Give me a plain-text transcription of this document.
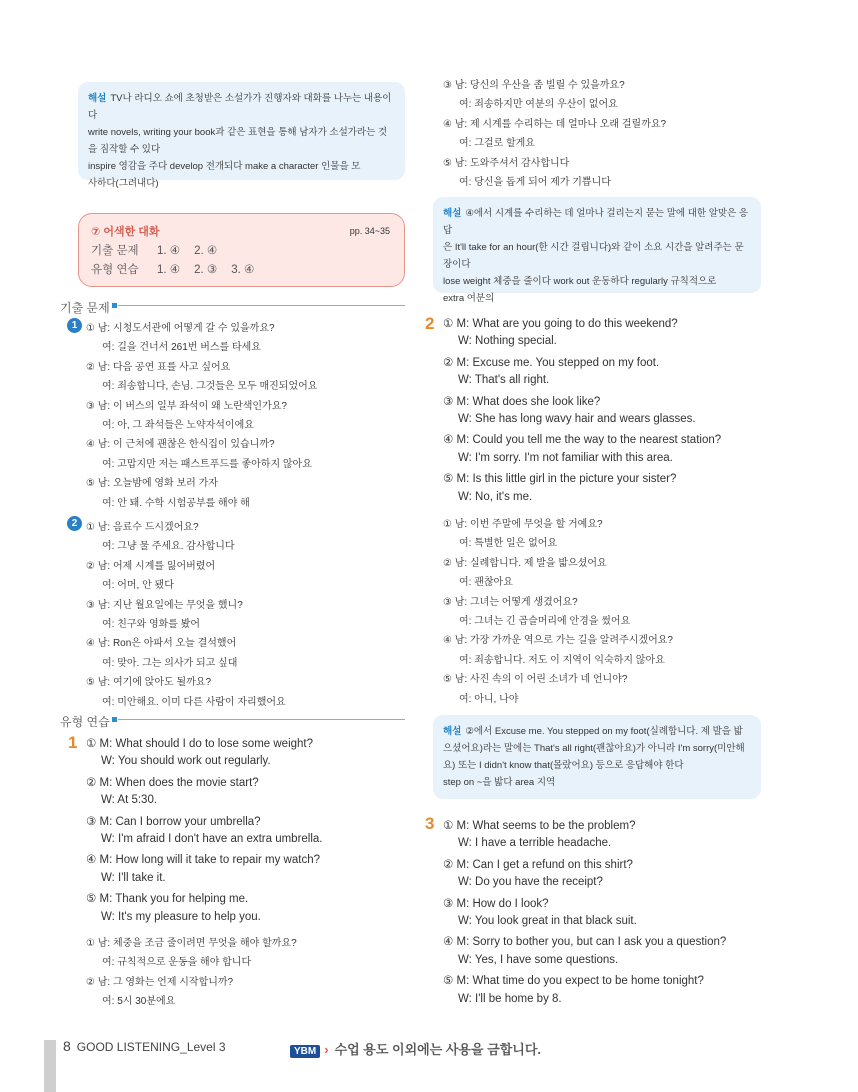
해설 TV나 라디오 쇼에 초청받은 소설가가 진행자와 대화를 나누는 내용이다
write novels, writing your book과 같은 표현을 통해 남자가 소설가라는 것
을 짐작할 수 있다
inspire 영감을 주다 develop 전개되다 make a character 인물을 모
사하다(그려내다)
⑦ 어색한 대화	pp. 34~35
기출 문제 1. ④ 2. ④
유형 연습 1. ④ 2. ③ 3. ④
기출 문제
1 ① 남: 시청도서관에 어떻게 갈 수 있을까요?
여: 길을 건너서 261번 버스를 타세요
② 남: 다음 공연 표를 사고 싶어요
여: 죄송합니다, 손님. 그것들은 모두 매진되었어요
③ 남: 이 버스의 일부 좌석이 왜 노란색인가요?
여: 아, 그 좌석들은 노약자석이에요
④ 남: 이 근처에 괜찮은 한식집이 있습니까?
여: 고맙지만 저는 패스트푸드를 좋아하지 않아요
⑤ 남: 오늘밤에 영화 보러 가자
여: 안 돼. 수학 시험공부를 해야 해
2 ① 남: 음료수 드시겠어요?
여: 그냥 물 주세요. 감사합니다
② 남: 어제 시계를 잃어버렸어
여: 어머, 안 됐다
③ 남: 지난 월요일에는 무엇을 했니?
여: 친구와 영화를 봤어
④ 남: Ron은 아파서 오늘 결석했어
여: 맞아. 그는 의사가 되고 싶대
⑤ 남: 여기에 앉아도 될까요?
여: 미안해요. 이미 다른 사람이 자리했어요
유형 연습
1 ① M: What should I do to lose some weight?
W: You should work out regularly.
② M: When does the movie start?
W: At 5:30.
③ M: Can I borrow your umbrella?
W: I'm afraid I don't have an extra umbrella.
④ M: How long will it take to repair my watch?
W: I'll take it.
⑤ M: Thank you for helping me.
W: It's my pleasure to help you.
① 남: 체중을 조금 줄이려면 무엇을 해야 할까요?
여: 규칙적으로 운동을 해야 합니다
② 남: 그 영화는 언제 시작합니까?
여: 5시 30분에요
③ 남: 당신의 우산을 좀 빌릴 수 있을까요?
여: 죄송하지만 여분의 우산이 없어요
④ 남: 제 시계를 수리하는 데 얼마나 오래 걸릴까요?
여: 그걸로 할게요
⑤ 남: 도와주셔서 감사합니다
여: 당신을 돕게 되어 제가 기쁩니다
해설 ④에서 시계를 수리하는 데 얼마나 걸리는지 묻는 말에 대한 알맞은 응답
은 It'll take for an hour(한 시간 걸립니다)와 같이 소요 시간을 알려주는 문
장이다
lose weight 체중을 줄이다 work out 운동하다 regularly 규칙적으로
extra 여분의
2 ① M: What are you going to do this weekend?
W: Nothing special.
② M: Excuse me. You stepped on my foot.
W: That's all right.
③ M: What does she look like?
W: She has long wavy hair and wears glasses.
④ M: Could you tell me the way to the nearest station?
W: I'm sorry. I'm not familiar with this area.
⑤ M: Is this little girl in the picture your sister?
W: No, it's me.
① 남: 이번 주말에 무엇을 할 거예요?
여: 특별한 일은 없어요
② 남: 실례합니다. 제 발을 밟으셨어요
여: 괜찮아요
③ 남: 그녀는 어떻게 생겼어요?
여: 그녀는 긴 곱슬머리에 안경을 썼어요
④ 남: 가장 가까운 역으로 가는 길을 알려주시겠어요?
여: 죄송합니다. 저도 이 지역이 익숙하지 않아요
⑤ 남: 사진 속의 이 어린 소녀가 네 언니야?
여: 아니, 나야
해설 ②에서 Excuse me. You stepped on my foot(실례합니다. 제 발을 밟
으셨어요)라는 말에는 That's all right(괜찮아요)가 아니라 I'm sorry(미안해
요) 또는 I didn't know that(몰랐어요) 등으로 응답해야 한다
step on ~을 밟다 area 지역
3 ① M: What seems to be the problem?
W: I have a terrible headache.
② M: Can I get a refund on this shirt?
W: Do you have the receipt?
③ M: How do I look?
W: You look great in that black suit.
④ M: Sorry to bother you, but can I ask you a question?
W: Yes, I have some questions.
⑤ M: What time do you expect to be home tonight?
W: I'll be home by 8.
8 GOOD LISTENING_Level 3	YBM › 수업 용도 이외에는 사용을 금합니다.
